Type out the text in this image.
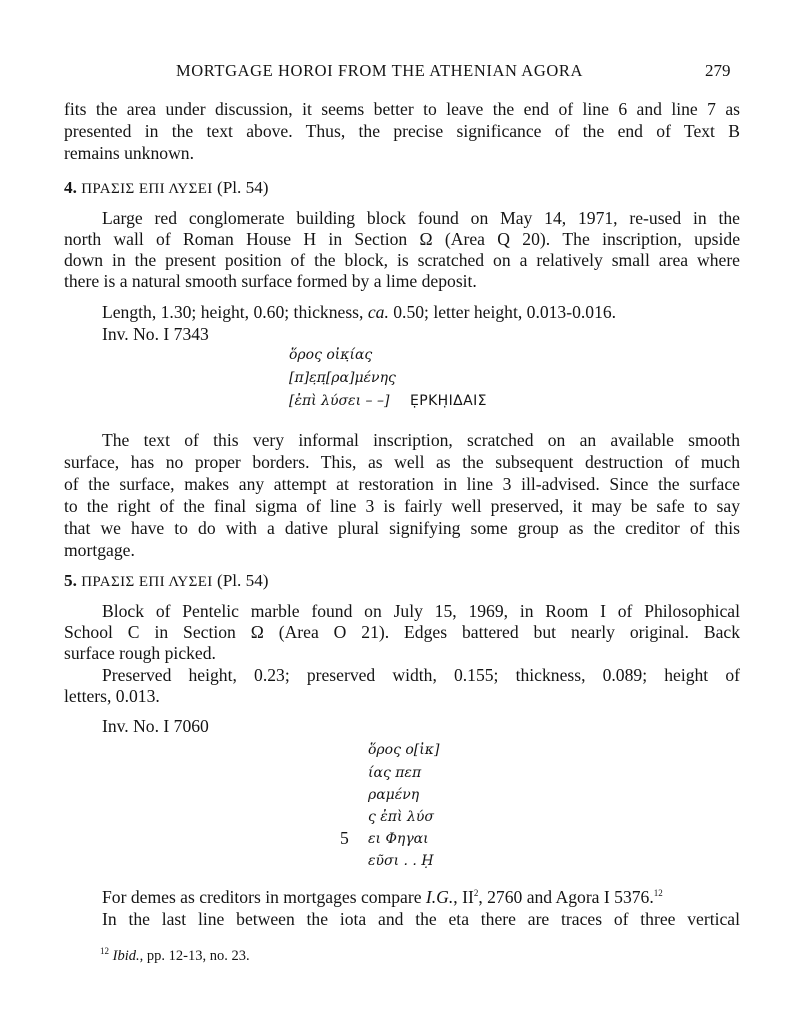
MORTGAGE HOROI FROM THE ATHENIAN AGORA	279
fits the area under discussion, it seems better to leave the end of line 6 and line 7 as
presented in the text above. Thus, the precise significance of the end of Text B
remains unknown.
4. ΠΡΑΣΙΣ ΕΠΙ ΛΥΣΕΙ (Pl. 54)
Large red conglomerate building block found on May 14, 1971, re-used in the
north wall of Roman House H in Section Ω (Area Q 20). The inscription, upside
down in the present position of the block, is scratched on a relatively small area where
there is a natural smooth surface formed by a lime deposit.
Length, 1.30; height, 0.60; thickness, ca. 0.50; letter height, 0.013-0.016.
Inv. No. I 7343
ὅρος οἰκ̣ίας
[π]ε̣π̣[ρα]μένης
[ἐπὶ λύσει – –] ẸΡΚΗ̣ΙΔΑΙΣ
The text of this very informal inscription, scratched on an available smooth
surface, has no proper borders. This, as well as the subsequent destruction of much
of the surface, makes any attempt at restoration in line 3 ill-advised. Since the surface
to the right of the final sigma of line 3 is fairly well preserved, it may be safe to say
that we have to do with a dative plural signifying some group as the creditor of this
mortgage.
5. ΠΡΑΣΙΣ ΕΠΙ ΛΥΣΕΙ (Pl. 54)
Block of Pentelic marble found on July 15, 1969, in Room I of Philosophical
School C in Section Ω (Area O 21). Edges battered but nearly original. Back
surface rough picked.
Preserved height, 0.23; preserved width, 0.155; thickness, 0.089; height of
letters, 0.013.
Inv. No. I 7060
ὅρος ο[ἰκ]
ίας πεπ
ραμένη
ς ἐπὶ λύσ
5 ει Φηγαι
εῦσι . . Ḥ
For demes as creditors in mortgages compare I.G., $II^2$, 2760 and Agora I 5376.12
In the last line between the iota and the eta there are traces of three vertical
$^{12}$ Ibid., pp. 12-13, no. 23.
